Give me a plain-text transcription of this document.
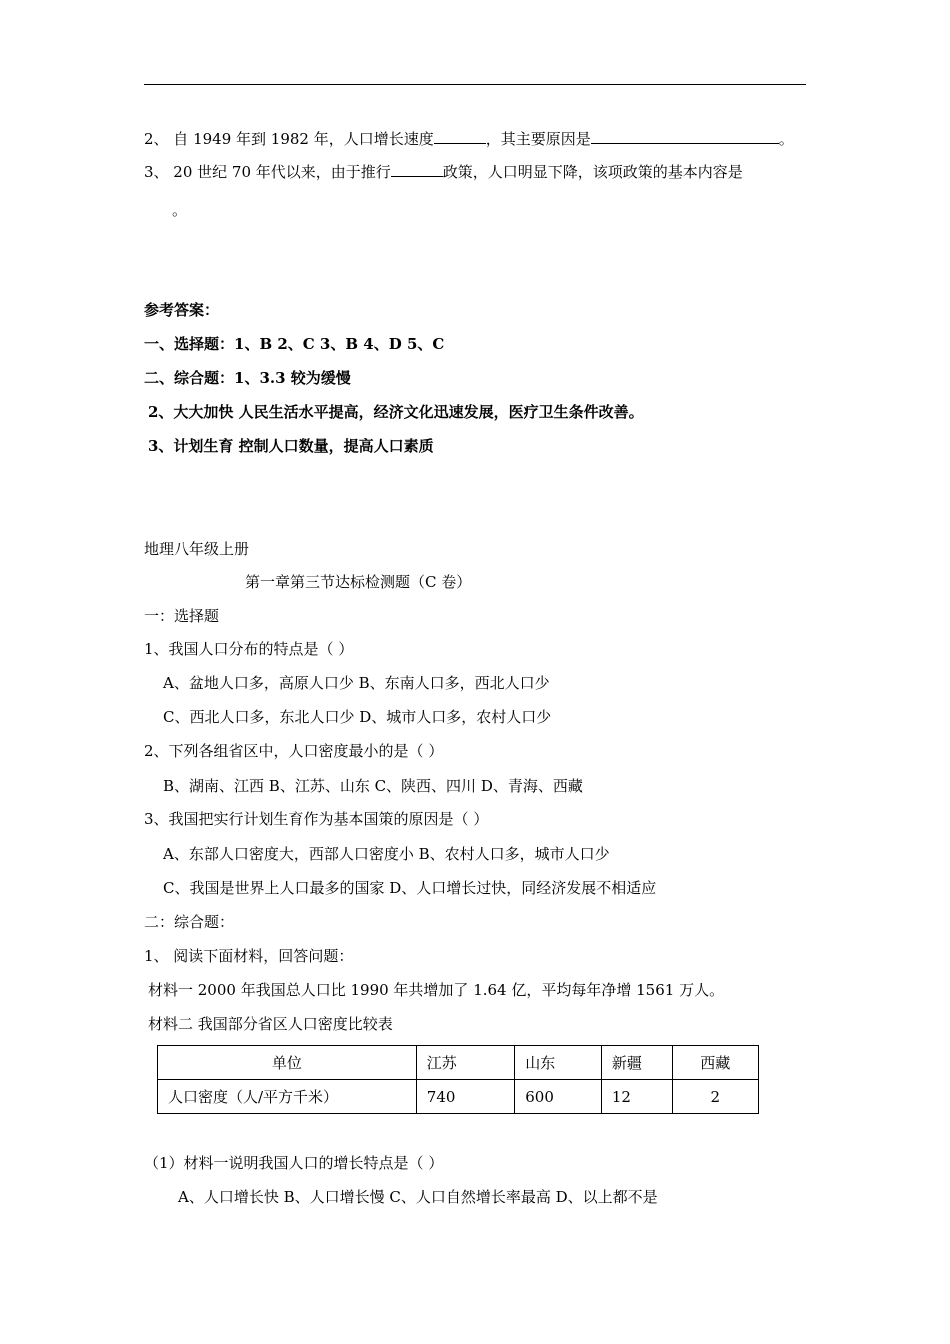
2、 自 1949 年到 1982 年，人口增长速度	，其主要原因是	。
3、 20 世纪 70 年代以来，由于推行	政策，人口明显下降，该项政策的基本内容是
。
参考答案：
一、选择题：1、B 2、C 3、B 4、D 5、C
二、综合题：1、3.3 较为缓慢
2、大大加快 人民生活水平提高，经济文化迅速发展，医疗卫生条件改善。
3、计划生育 控制人口数量，提高人口素质
地理八年级上册
第一章第三节达标检测题（C 卷）
一：选择题
1、我国人口分布的特点是（ ）
A、盆地人口多，高原人口少 B、东南人口多，西北人口少
C、西北人口多，东北人口少 D、城市人口多，农村人口少
2、下列各组省区中，人口密度最小的是（ ）
B、湖南、江西 B、江苏、山东 C、陕西、四川 D、青海、西藏
3、我国把实行计划生育作为基本国策的原因是（ ）
A、东部人口密度大，西部人口密度小 B、农村人口多，城市人口少
C、我国是世界上人口最多的国家 D、人口增长过快，同经济发展不相适应
二：综合题：
1、 阅读下面材料，回答问题：
材料一 2000 年我国总人口比 1990 年共增加了 1.64 亿，平均每年净增 1561 万人。
材料二 我国部分省区人口密度比较表
单位	江苏	山东	新疆	西藏
人口密度（人/平方千米）	740	600	12	2
（1）材料一说明我国人口的增长特点是（ ）
A、人口增长快 B、人口增长慢 C、人口自然增长率最高 D、以上都不是
